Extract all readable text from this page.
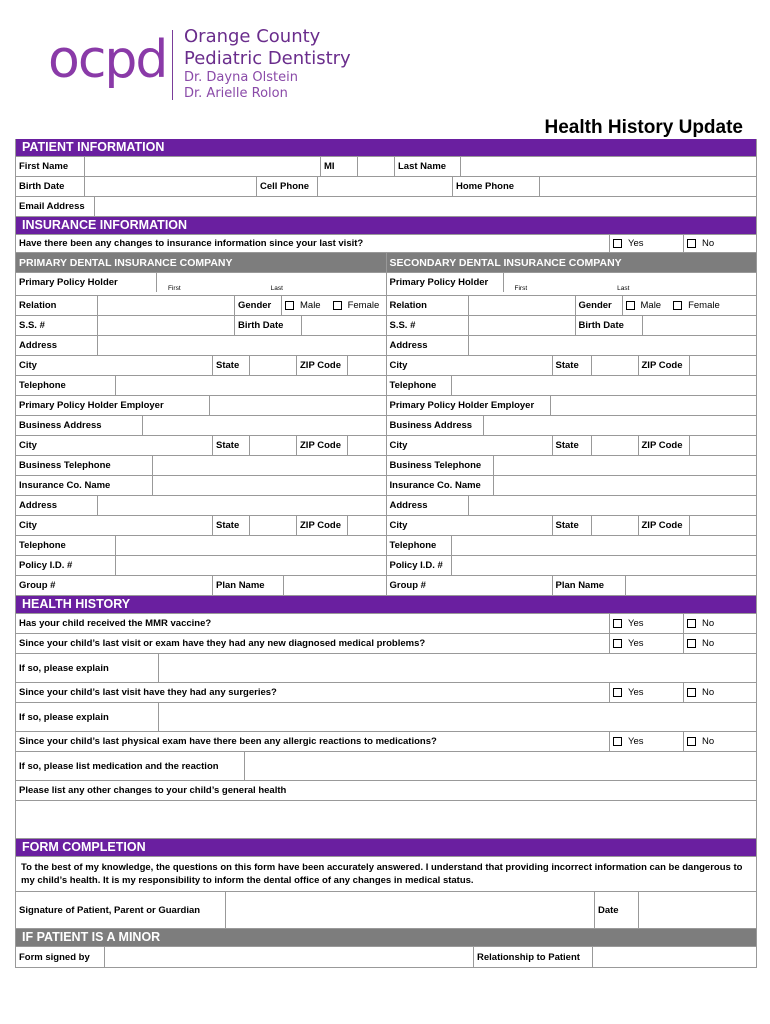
ocpd Orange County
Pediatric Dentistry
Dr. Dayna Olstein
Dr. Arielle Rolon
Health History Update
PATIENT INFORMATION
First Name	MI	Last Name
Birth Date	Cell Phone	Home Phone
Email Address
INSURANCE INFORMATION
Have there been any changes to insurance information since your last visit?	Yes	No
PRIMARY DENTAL INSURANCE COMPANY
Primary Policy Holder
First	Last
Relation	Gender	Male	Female
S.S. #	Birth Date
Address
City	State	ZIP Code
Telephone
Primary Policy Holder Employer
Business Address
City	State	ZIP Code
Business Telephone
Insurance Co. Name
Address
City	State	ZIP Code
Telephone
Policy I.D. #
Group #	Plan Name
SECONDARY DENTAL INSURANCE COMPANY
Primary Policy Holder
First	Last
Relation	Gender	Male	Female
S.S. #	Birth Date
Address
City	State	ZIP Code
Telephone
Primary Policy Holder Employer
Business Address
City	State	ZIP Code
Business Telephone
Insurance Co. Name
Address
City	State	ZIP Code
Telephone
Policy I.D. #
Group #	Plan Name
HEALTH HISTORY
Has your child received the MMR vaccine?	Yes	No
Since your child’s last visit or exam have they had any new diagnosed medical problems?	Yes	No
If so, please explain
Since your child’s last visit have they had any surgeries?	Yes	No
If so, please explain
Since your child’s last physical exam have there been any allergic reactions to medications?	Yes	No
If so, please list medication and the reaction
Please list any other changes to your child’s general health
FORM COMPLETION
To the best of my knowledge, the questions on this form have been accurately answered. I understand that providing incorrect information can be dangerous to my child’s health. It is my responsibility to inform the dental office of any changes in medical status.
Signature of Patient, Parent or Guardian	Date
IF PATIENT IS A MINOR
Form signed by	Relationship to Patient
